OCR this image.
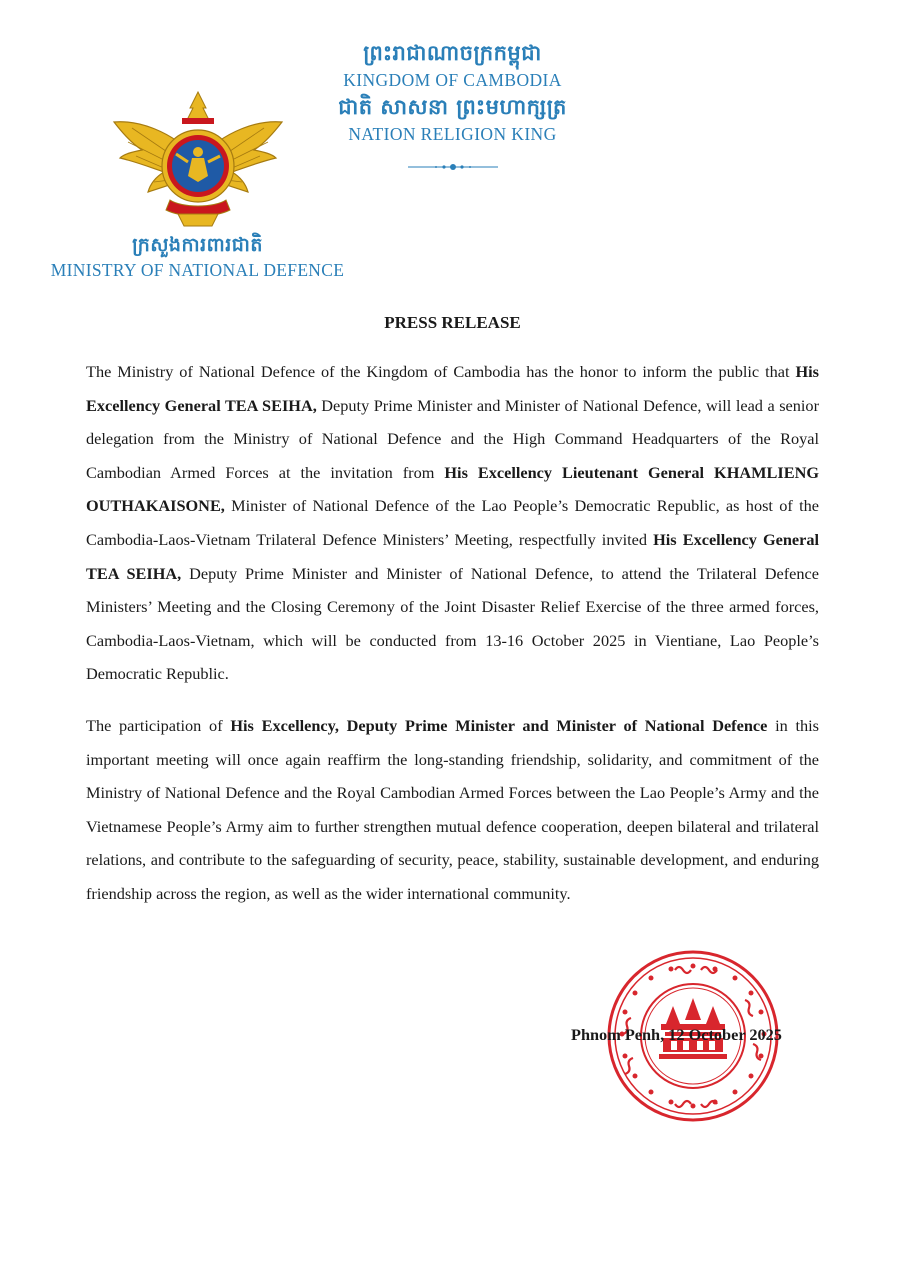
ព្រះរាជាណាចក្រកម្ពុជា
KINGDOM OF CAMBODIA
ជាតិ សាសនា ព្រះមហាក្សត្រ
NATION RELIGION KING
ក្រសួងការពារជាតិ
MINISTRY OF NATIONAL DEFENCE
PRESS RELEASE

The Ministry of National Defence of the Kingdom of Cambodia has the honor to inform the public that His Excellency General TEA SEIHA, Deputy Prime Minister and Minister of National Defence, will lead a senior delegation from the Ministry of National Defence and the High Command Headquarters of the Royal Cambodian Armed Forces at the invitation from His Excellency Lieutenant General KHAMLIENG OUTHAKAISONE, Minister of National Defence of the Lao People’s Democratic Republic, as host of the Cambodia-Laos-Vietnam Trilateral Defence Ministers’ Meeting, respectfully invited His Excellency General TEA SEIHA, Deputy Prime Minister and Minister of National Defence, to attend the Trilateral Defence Ministers’ Meeting and the Closing Ceremony of the Joint Disaster Relief Exercise of the three armed forces, Cambodia-Laos-Vietnam, which will be conducted from 13-16 October 2025 in Vientiane, Lao People’s Democratic Republic.

The participation of His Excellency, Deputy Prime Minister and Minister of National Defence in this important meeting will once again reaffirm the long-standing friendship, solidarity, and commitment of the Ministry of National Defence and the Royal Cambodian Armed Forces between the Lao People’s Army and the Vietnamese People’s Army aim to further strengthen mutual defence cooperation, deepen bilateral and trilateral relations, and contribute to the safeguarding of security, peace, stability, sustainable development, and enduring friendship across the region, as well as the wider international community.

Phnom Penh, 12 October 2025
